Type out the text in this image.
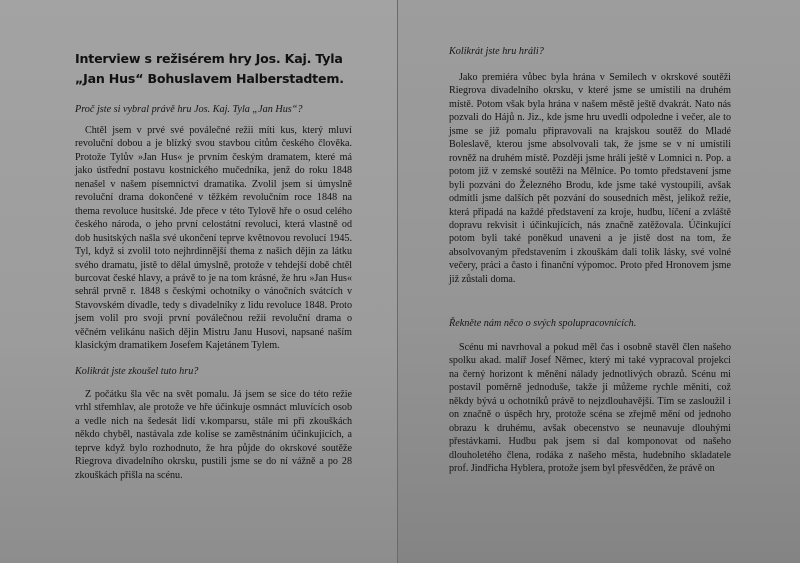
Interview s režisérem hry Jos. Kaj. Tyla
„Jan Hus“ Bohuslavem Halberstadtem.
Proč jste si vybral právě hru Jos. Kaj. Tyla „Jan Hus“?

Chtěl jsem v prvé své poválečné režii míti kus, který mluví revoluční dobou a je blízký svou stavbou citům českého člověka. Protože Tylův »Jan Hus« je prvním českým dramatem, které má jako ústřední postavu kostnického mučedníka, jenž do roku 1848 nenašel v našem písemnictví dramatika. Zvolil jsem si úmyslně revoluční drama dokončené v těžkém revolučním roce 1848 na thema revoluce husitské. Jde přece v této Tylově hře o osud celého českého národa, o jeho první celostátní revoluci, která vlastně od dob husitských našla své ukončení teprve květnovou revolucí 1945. Tyl, když si zvolil toto nejhrdinnější thema z našich dějin za látku svého dramatu, jistě to dělal úmyslně, protože v tehdejší době chtěl burcovat české hlavy, a právě to je na tom krásné, že hru »Jan Hus« sehrál prvně r. 1848 s českými ochotníky o vánočních svátcích v Stavovském divadle, tedy s divadelníky z lidu revoluce 1848. Proto jsem volil pro svoji první poválečnou režii revoluční drama o věčném velikánu našich dějin Mistru Janu Husovi, napsané naším klasickým dramatikem Josefem Kajetánem Tylem.

Kolikrát jste zkoušel tuto hru?

Z počátku šla věc na svět pomalu. Já jsem se sice do této režie vrhl střemhlav, ale protože ve hře účinkuje osmnáct mluvících osob a vedle nich na šedesát lidí v.komparsu, stále mi při zkouškách někdo chyběl, nastávala zde kolise se zaměstnáním účinkujících, a teprve když bylo rozhodnuto, že hra půjde do okrskové soutěže Riegrova divadelního okrsku, pustili jsme se do ní vážně a po 28 zkouškách přišla na scénu.

Kolikrát jste hru hráli?

Jako premiéra vůbec byla hrána v Semilech v okrskové soutěži Riegrova divadelního okrsku, v které jsme se umístili na druhém místě. Potom však byla hrána v našem městě ještě dvakrát. Nato nás pozvali do Hájů n. Jiz., kde jsme hru uvedli odpoledne i večer, ale to jsme se již pomalu připravovali na krajskou soutěž do Mladé Boleslavě, kterou jsme absolvovali tak, že jsme se v ní umístili rovněž na druhém místě. Později jsme hráli ještě v Lomnici n. Pop. a potom již v zemské soutěži na Mělníce. Po tomto představení jsme byli pozváni do Železného Brodu, kde jsme také vystoupili, avšak odmítli jsme dalších pět pozvání do sousedních měst, jelikož režie, která připadá na každé představení za kroje, hudbu, líčení a zvláště dopravu rekvisit i účinkujících, nás značně zatěžovala. Účinkující potom byli také poněkud unaveni a je jistě dost na tom, že absolvovaným představením i zkouškám dali tolik lásky, své volné večery, práci a často i finanční výpomoc. Proto před Hronovem jsme již zůstali doma.

Řekněte nám něco o svých spolupracovnících.

Scénu mi navrhoval a pokud měl čas i osobně stavěl člen našeho spolku akad. malíř Josef Němec, který mi také vypracoval projekci na černý horizont k měnění nálady jednotlivých obrazů. Scénu mi postavil poměrně jednoduše, takže ji můžeme rychle měniti, což někdy bývá u ochotníků právě to nejzdlouhavější. Tím se zasloužil i on značně o úspěch hry, protože scéna se zřejmě mění od jednoho obrazu k druhému, avšak obecenstvo se neunavuje dlouhými přestávkami. Hudbu pak jsem si dal komponovat od našeho dlouholetého člena, rodáka z našeho města, hudebního skladatele prof. Jindřicha Hyblera, protože jsem byl přesvědčen, že právě on
